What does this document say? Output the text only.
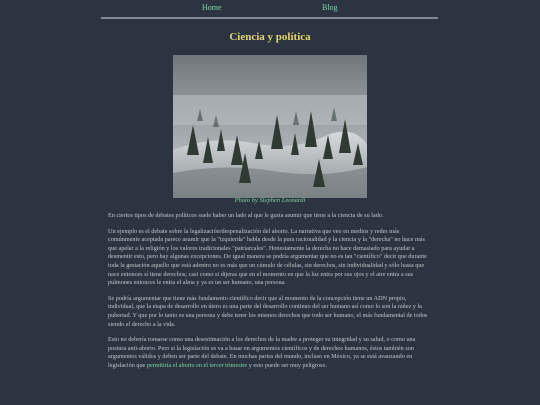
Home	Blog
Ciencia y política
Photo by Stephen Leonardi

En ciertos tipos de debates políticos suele haber un lado al que le gusta asumir que tiene a la ciencia de su lado.

Un ejemplo es el debate sobre la legalización/despenalización del aborto. La narrativa que veo en medios y redes más comúnmente aceptada parece asumir que la "izquierda" habla desde la pura racionalidad y la ciencia y la "derecha" no hace más que apelar a la religión y los valores tradicionales "patriarcales". Honestamente la derecha no hace demasiado para ayudar a desmentir esto, pero hay algunas excepciones. De igual manera se podría argumentar que no es tan "científico" decir que durante toda la gestación aquello que está adentro no es más que un cúmulo de células, sin derechos, sin individualidad y sólo hasta que nace entonces sí tiene derechos; casi como si dijeras que en el momento en que la luz entra por sus ojos y el aire entra a sus pulmones entonces le entra el alma y ya es un ser humano, una persona.

Se podría argumentar que tiene más fundamento científico decir que al momento de la concepción tiene un ADN propio, individual, que la etapa de desarrollo en útero es una parte del desarrollo continuo del ser humano así como lo son la niñez y la pubertad. Y que por lo tanto es una persona y debe tener los mismos derechos que todo ser humano, el más fundamental de todos siendo el derecho a la vida.

Esto no debería tomarse como una desestimación a los derechos de la madre a proteger su integridad y su salud, o como una postura anti-aborto. Pero si la legislación se va a basar en argumentos científicos y de derechos humanos, éstos también son argumentos válidos y deben ser parte del debate. En muchas partes del mundo, incluso en México, ya se está avanzando en legislación que permitiría el aborto en el tercer trimestre y esto puede ser muy peligroso.
